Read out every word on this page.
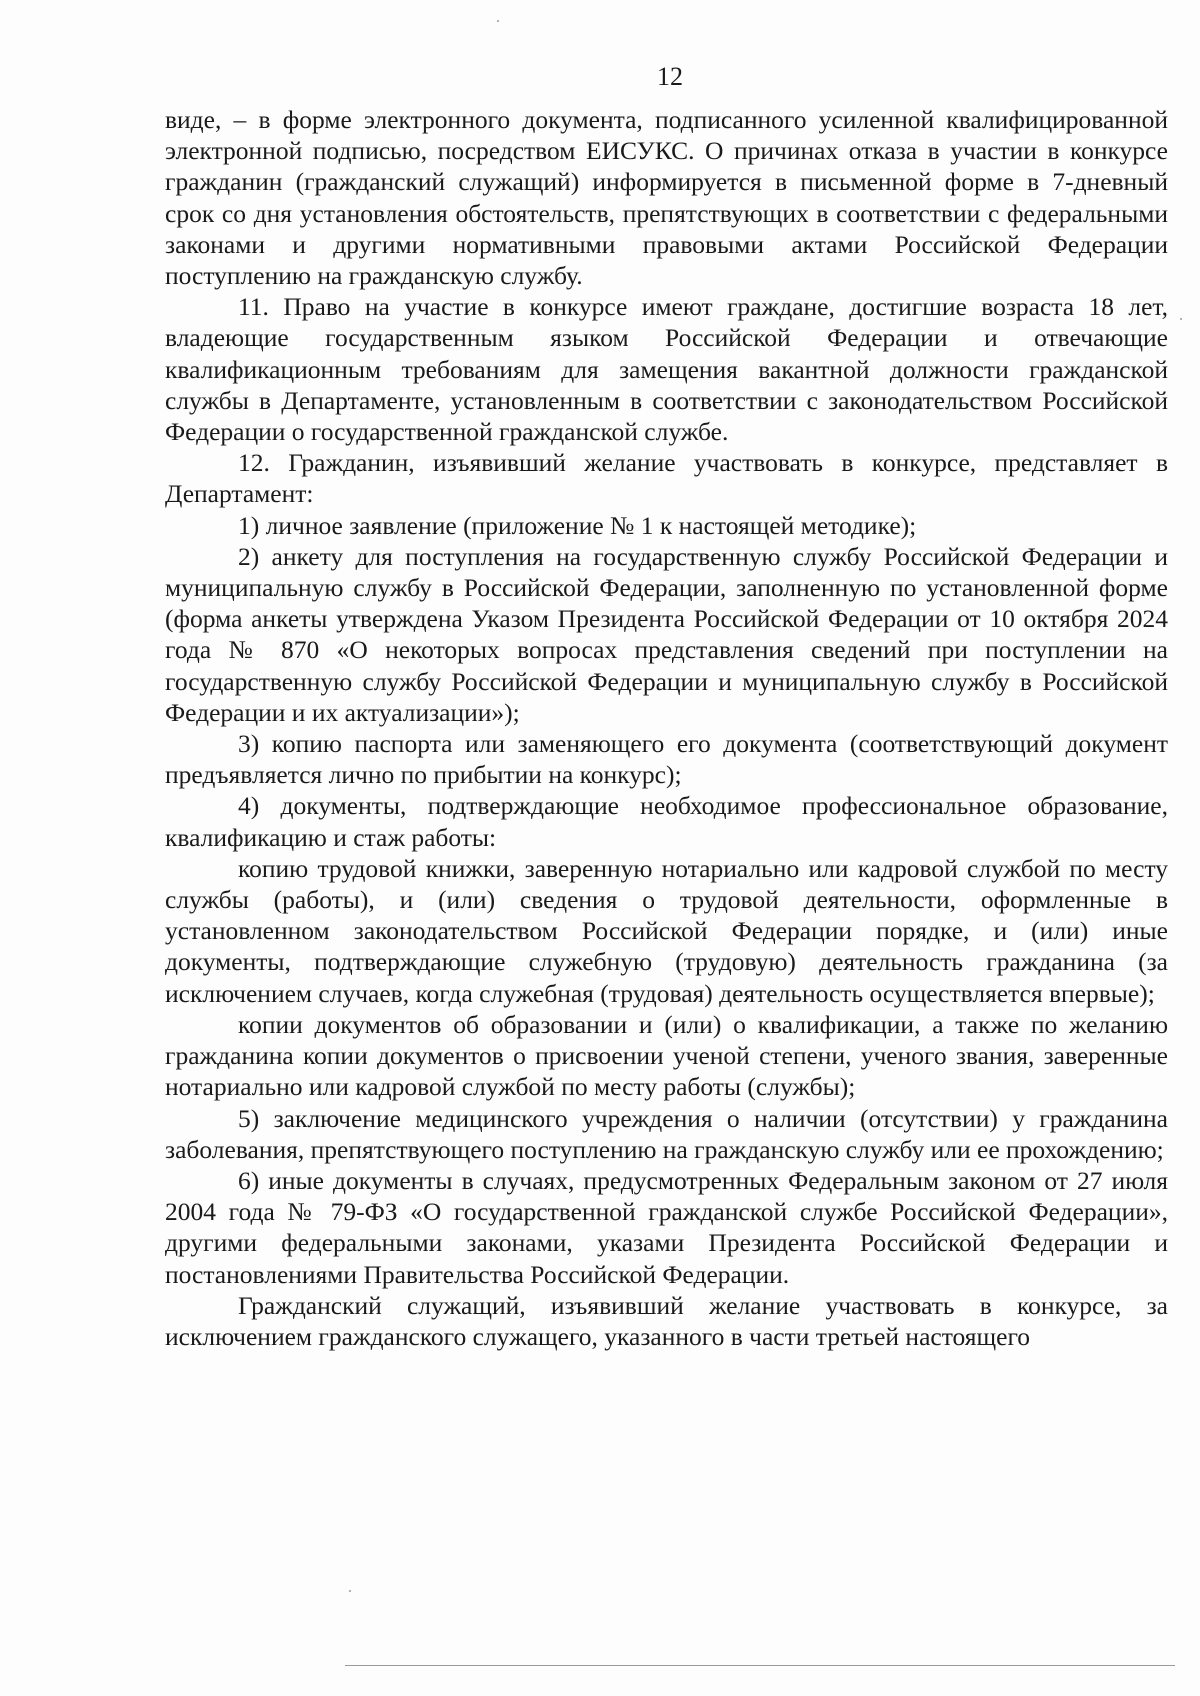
12

виде, – в форме электронного документа, подписанного усиленной квалифицированной электронной подписью, посредством ЕИСУКС. О причинах отказа в участии в конкурсе гражданин (гражданский служащий) информируется в письменной форме в 7-дневный срок со дня установления обстоятельств, препятствующих в соответствии с федеральными законами и другими нормативными правовыми актами Российской Федерации поступлению на гражданскую службу.

11. Право на участие в конкурсе имеют граждане, достигшие возраста 18 лет, владеющие государственным языком Российской Федерации и отвечающие квалификационным требованиям для замещения вакантной должности гражданской службы в Департаменте, установленным в соответствии с законодательством Российской Федерации о государственной гражданской службе.

12. Гражданин, изъявивший желание участвовать в конкурсе, представляет в Департамент:

1) личное заявление (приложение № 1 к настоящей методике);

2) анкету для поступления на государственную службу Российской Федерации и муниципальную службу в Российской Федерации, заполненную по установленной форме (форма анкеты утверждена Указом Президента Российской Федерации от 10 октября 2024 года № 870 «О некоторых вопросах представления сведений при поступлении на государственную службу Российской Федерации и муниципальную службу в Российской Федерации и их актуализации»);

3) копию паспорта или заменяющего его документа (соответствующий документ предъявляется лично по прибытии на конкурс);

4) документы, подтверждающие необходимое профессиональное образование, квалификацию и стаж работы:

копию трудовой книжки, заверенную нотариально или кадровой службой по месту службы (работы), и (или) сведения о трудовой деятельности, оформленные в установленном законодательством Российской Федерации порядке, и (или) иные документы, подтверждающие служебную (трудовую) деятельность гражданина (за исключением случаев, когда служебная (трудовая) деятельность осуществляется впервые);

копии документов об образовании и (или) о квалификации, а также по желанию гражданина копии документов о присвоении ученой степени, ученого звания, заверенные нотариально или кадровой службой по месту работы (службы);

5) заключение медицинского учреждения о наличии (отсутствии) у гражданина заболевания, препятствующего поступлению на гражданскую службу или ее прохождению;

6) иные документы в случаях, предусмотренных Федеральным законом от 27 июля 2004 года № 79-ФЗ «О государственной гражданской службе Российской Федерации», другими федеральными законами, указами Президента Российской Федерации и постановлениями Правительства Российской Федерации.

Гражданский служащий, изъявивший желание участвовать в конкурсе, за исключением гражданского служащего, указанного в части третьей настоящего
